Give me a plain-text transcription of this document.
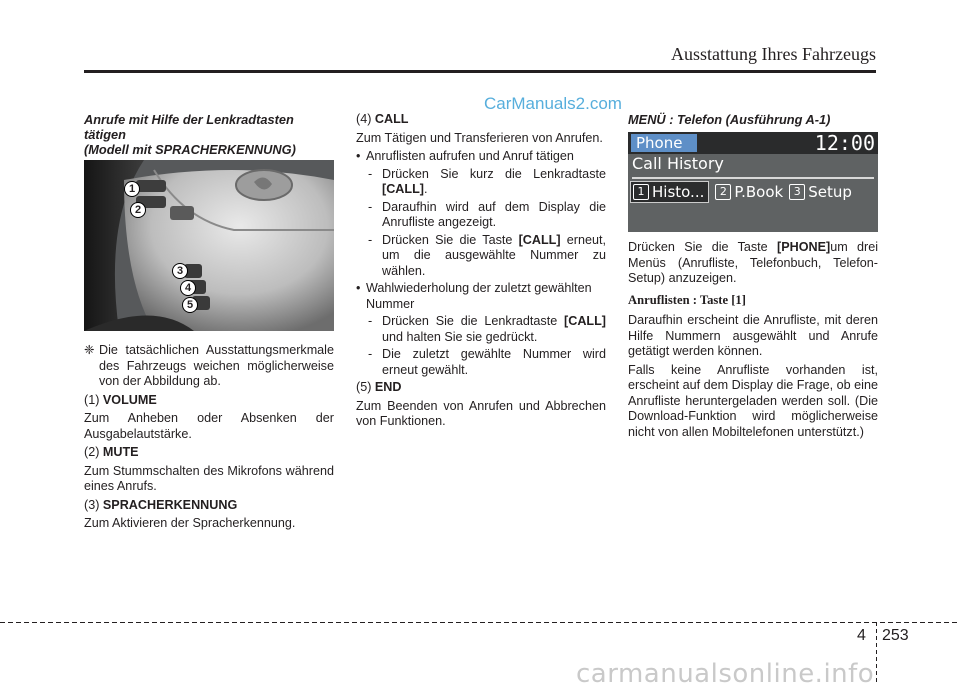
Ausstattung Ihres Fahrzeugs
CarManuals2.com
Anrufe mit Hilfe der Lenkradtasten
tätigen
(Modell mit SPRACHERKENNUNG)
1
2
3
4
5
❈ Die tatsächlichen Ausstattungsmerkmale des Fahrzeugs weichen möglicherweise von der Abbildung ab.

(1) VOLUME

Zum Anheben oder Absenken der Ausgabelautstärke.

(2) MUTE

Zum Stummschalten des Mikrofons während eines Anrufs.

(3) SPRACHERKENNUNG

Zum Aktivieren der Spracherkennung.

(4) CALL

Zum Tätigen und Transferieren von Anrufen.

• Anruflisten aufrufen und Anruf tätigen
- Drücken Sie kurz die Lenkradtaste [CALL].
- Daraufhin wird auf dem Display die Anrufliste angezeigt.
- Drücken Sie die Taste [CALL] erneut, um die ausgewählte Nummer zu wählen.
• Wahlwiederholung der zuletzt gewählten Nummer
- Drücken Sie die Lenkradtaste [CALL] und halten Sie sie gedrückt.
- Die zuletzt gewählte Nummer wird erneut gewählt.

(5) END

Zum Beenden von Anrufen und Abbrechen von Funktionen.

MENÜ : Telefon (Ausführung A-1)
Phone	12:00
Call History
1 Histo...	2 P.Book 3 Setup

Drücken Sie die Taste [PHONE]um drei Menüs (Anrufliste, Telefonbuch, Telefon-Setup) anzuzeigen.

Anruflisten : Taste [1]

Daraufhin erscheint die Anrufliste, mit deren Hilfe Nummern ausgewählt und Anrufe getätigt werden können.

Falls keine Anrufliste vorhanden ist, erscheint auf dem Display die Frage, ob eine Anrufliste heruntergeladen werden soll. (Die Download-Funktion wird möglicherweise nicht von allen Mobiltelefonen unterstützt.)

4 253
carmanualsonline.info
